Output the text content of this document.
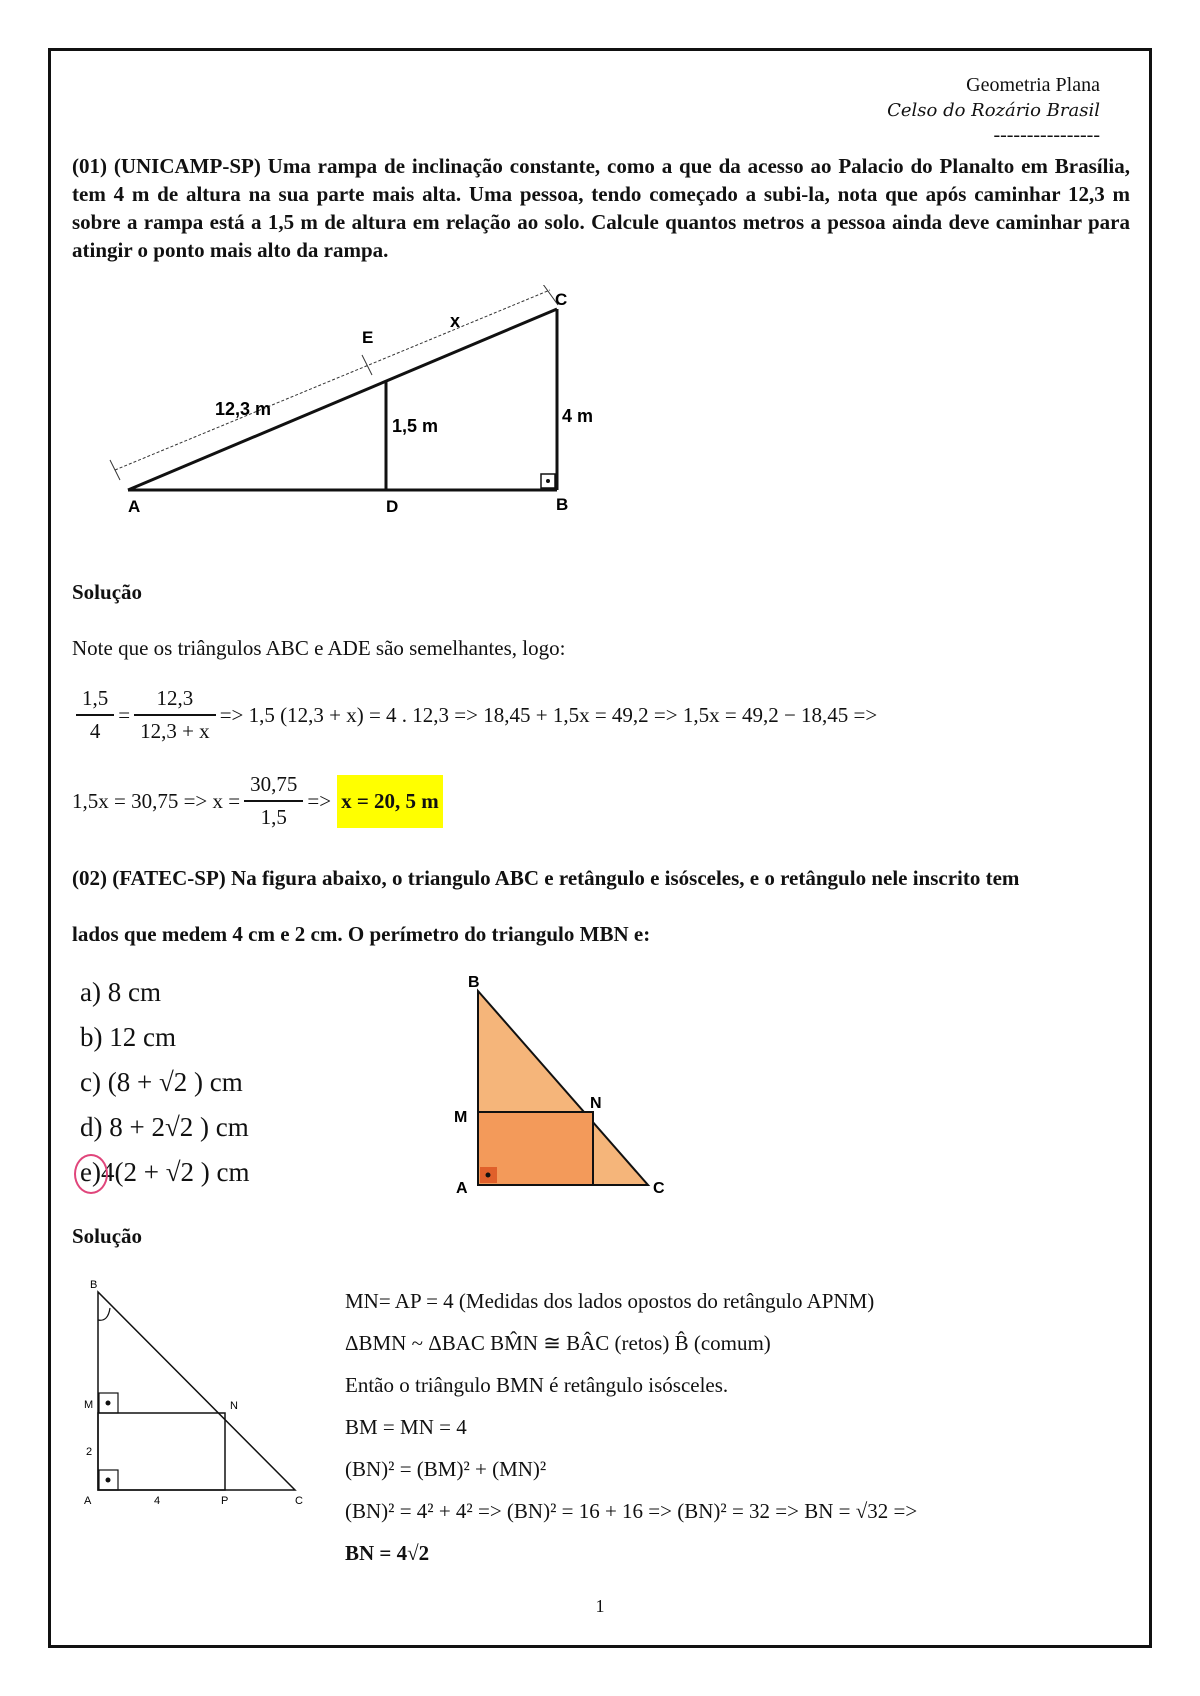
Geometria Plana
Celso do Rozário Brasil
----------------
(01) (UNICAMP-SP) Uma rampa de inclinação constante, como a que da acesso ao Palacio do Planalto em Brasília, tem 4 m de altura na sua parte mais alta. Uma pessoa, tendo começado a subi-la, nota que após caminhar 12,3 m sobre a rampa está a 1,5 m de altura em relação ao solo. Calcule quantos metros a pessoa ainda deve caminhar para atingir o ponto mais alto da rampa.
A	D	B
C
E
12,3 m
x
1,5 m	4 m
Solução
Note que os triângulos ABC e ADE são semelhantes, logo:
$\frac{1,5}{4} = \frac{12,3}{12,3 + x} => 1,5$ (12,3 + x) = 4 . 12,3 => 18,45 + 1,5x = 49,2 => 1,5x = 49,2 − 18,45 =>
$1,5x = 30,75 => x = \frac{30,75}{1,5} => x = 20$, 5 m
(02) (FATEC-SP) Na figura abaixo, o triangulo ABC e retângulo e isósceles, e o retângulo nele inscrito tem
lados que medem 4 cm e 2 cm. O perímetro do triangulo MBN e:
a) 8 cm
b) 12 cm
c) (8 + √2 ) cm
d) 8 + 2√2 ) cm
e)4(2 + √2 ) cm
B
M
N
A	C
Solução
B
M	N
A	P	C
2
4
MN= AP = 4 (Medidas dos lados opostos do retângulo APNM)
ΔBMN ~ ΔBAC BM̂N ≅ BÂC (retos) B̂ (comum)
Então o triângulo BMN é retângulo isósceles.
BM = MN = 4
(BN)² = (BM)² + (MN)²
(BN)² = 4² + 4² => (BN)² = 16 + 16 => (BN)² = 32 => BN = √32 =>
BN = 4√2
1
